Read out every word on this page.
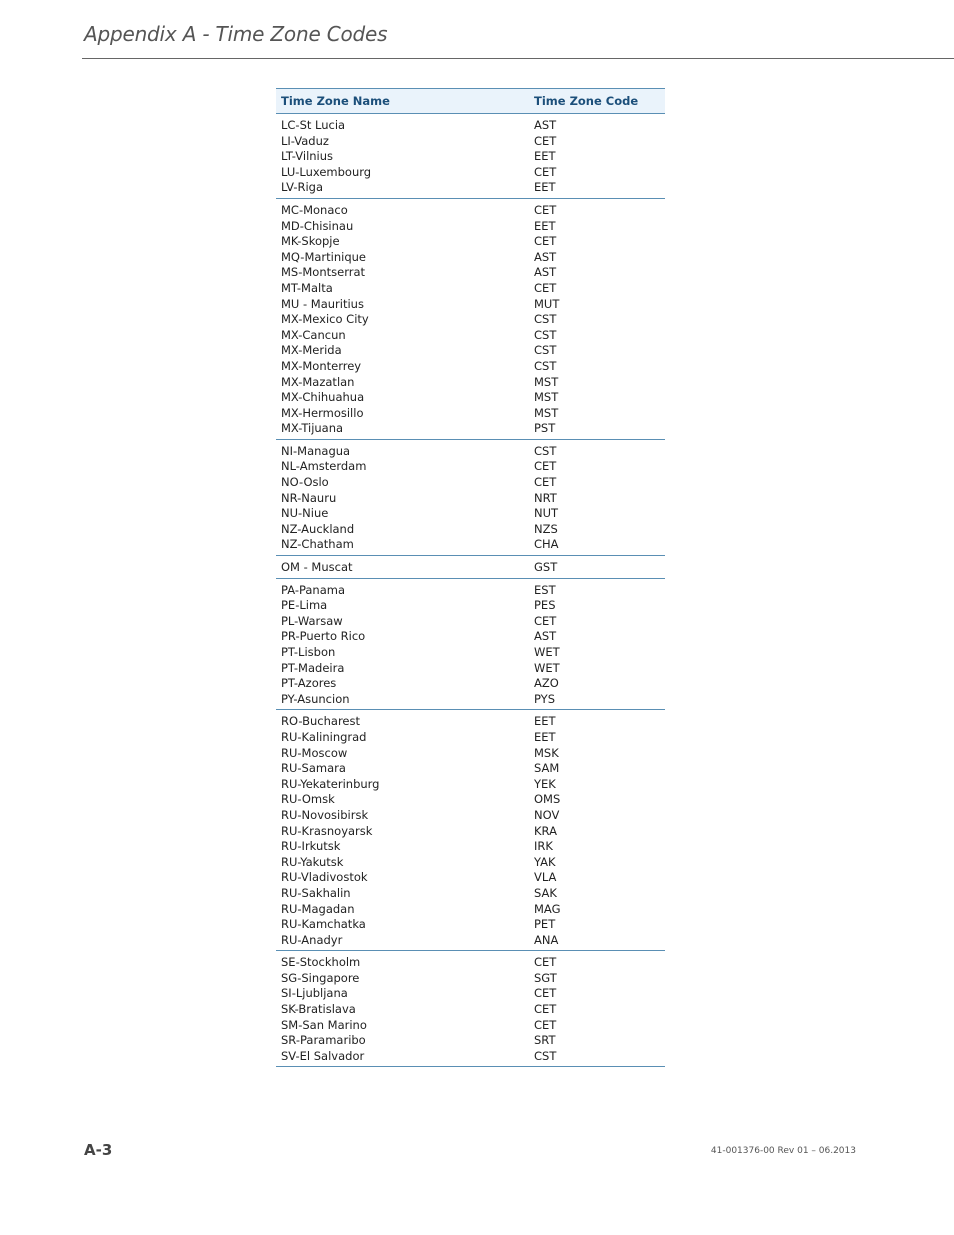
Appendix A - Time Zone Codes
Time Zone Name	Time Zone Code
LC-St Lucia	AST
LI-Vaduz	CET
LT-Vilnius	EET
LU-Luxembourg	CET
LV-Riga	EET
MC-Monaco	CET
MD-Chisinau	EET
MK-Skopje	CET
MQ-Martinique	AST
MS-Montserrat	AST
MT-Malta	CET
MU - Mauritius	MUT
MX-Mexico City	CST
MX-Cancun	CST
MX-Merida	CST
MX-Monterrey	CST
MX-Mazatlan	MST
MX-Chihuahua	MST
MX-Hermosillo	MST
MX-Tijuana	PST
NI-Managua	CST
NL-Amsterdam	CET
NO-Oslo	CET
NR-Nauru	NRT
NU-Niue	NUT
NZ-Auckland	NZS
NZ-Chatham	CHA
OM - Muscat	GST
PA-Panama	EST
PE-Lima	PES
PL-Warsaw	CET
PR-Puerto Rico	AST
PT-Lisbon	WET
PT-Madeira	WET
PT-Azores	AZO
PY-Asuncion	PYS
RO-Bucharest	EET
RU-Kaliningrad	EET
RU-Moscow	MSK
RU-Samara	SAM
RU-Yekaterinburg	YEK
RU-Omsk	OMS
RU-Novosibirsk	NOV
RU-Krasnoyarsk	KRA
RU-Irkutsk	IRK
RU-Yakutsk	YAK
RU-Vladivostok	VLA
RU-Sakhalin	SAK
RU-Magadan	MAG
RU-Kamchatka	PET
RU-Anadyr	ANA
SE-Stockholm	CET
SG-Singapore	SGT
SI-Ljubljana	CET
SK-Bratislava	CET
SM-San Marino	CET
SR-Paramaribo	SRT
SV-El Salvador	CST
A-3	41-001376-00 Rev 01 – 06.2013
